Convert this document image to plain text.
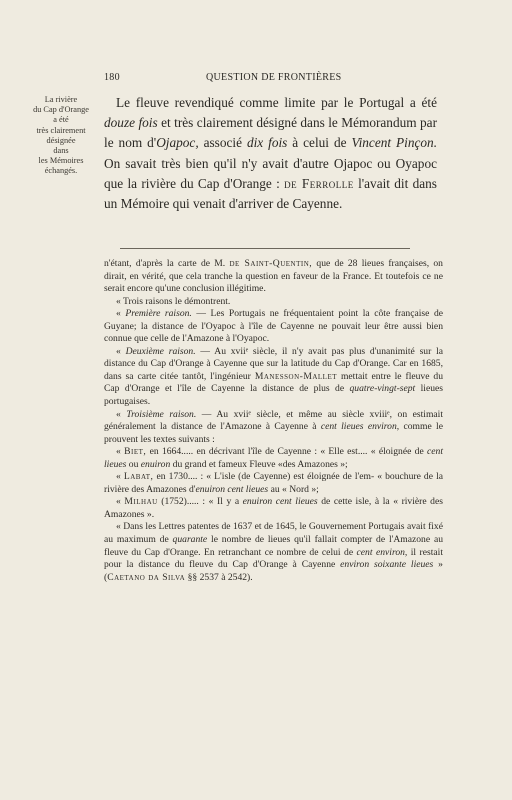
180	QUESTION DE FRONTIÈRES
La rivière
du Cap d'Orange
a été
très clairement
désignée
dans
les Mémoires
échangés.
Le fleuve revendiqué comme limite par le Portugal a été douze fois et très clairement désigné dans le Mémorandum par le nom d'Ojapoc, associé dix fois à celui de Vincent Pinçon. On savait très bien qu'il n'y avait d'autre Ojapoc ou Oyapoc que la rivière du Cap d'Orange : de Ferrolle l'avait dit dans un Mémoire qui venait d'arriver de Cayenne.

n'étant, d'après la carte de M. de Saint-Quentin, que de 28 lieues françaises, on dirait, en vérité, que cela tranche la question en faveur de la France. Et toutefois ce ne serait encore qu'une conclusion illégitime.

« Trois raisons le démontrent.

« Première raison. — Les Portugais ne fréquentaient point la côte française de Guyane; la distance de l'Oyapoc à l'île de Cayenne ne pouvait leur être aussi bien connue que celle de l'Amazone à l'Oyapoc.

« Deuxième raison. — Au xviiᵉ siècle, il n'y avait pas plus d'unanimité sur la distance du Cap d'Orange à Cayenne que sur la latitude du Cap d'Orange. Car en 1685, dans sa carte citée tantôt, l'ingénieur Manesson-Mallet mettait entre le fleuve du Cap d'Orange et l'île de Cayenne la distance de plus de quatre-vingt-sept lieues portugaises.

« Troisième raison. — Au xviiᵉ siècle, et même au siècle xviiiᵉ, on estimait généralement la distance de l'Amazone à Cayenne à cent lieues environ, comme le prouvent les textes suivants :

« Biet, en 1664..... en décrivant l'île de Cayenne : « Elle est.... « éloignée de cent lieues ou enuiron du grand et fameux Fleuve «des Amazones »;

« Labat, en 1730.... : « L'isle (de Cayenne) est éloignée de l'em- « bouchure de la rivière des Amazones d'enuiron cent lieues au « Nord »;

« Milhau (1752)..... : « Il y a enuiron cent lieues de cette isle, à la « rivière des Amazones ».

« Dans les Lettres patentes de 1637 et de 1645, le Gouvernement Portugais avait fixé au maximum de quarante le nombre de lieues qu'il fallait compter de l'Amazone au fleuve du Cap d'Orange. En retranchant ce nombre de celui de cent environ, il restait pour la distance du fleuve du Cap d'Orange à Cayenne environ soixante lieues » (Caetano da Silva §§ 2537 à 2542).
